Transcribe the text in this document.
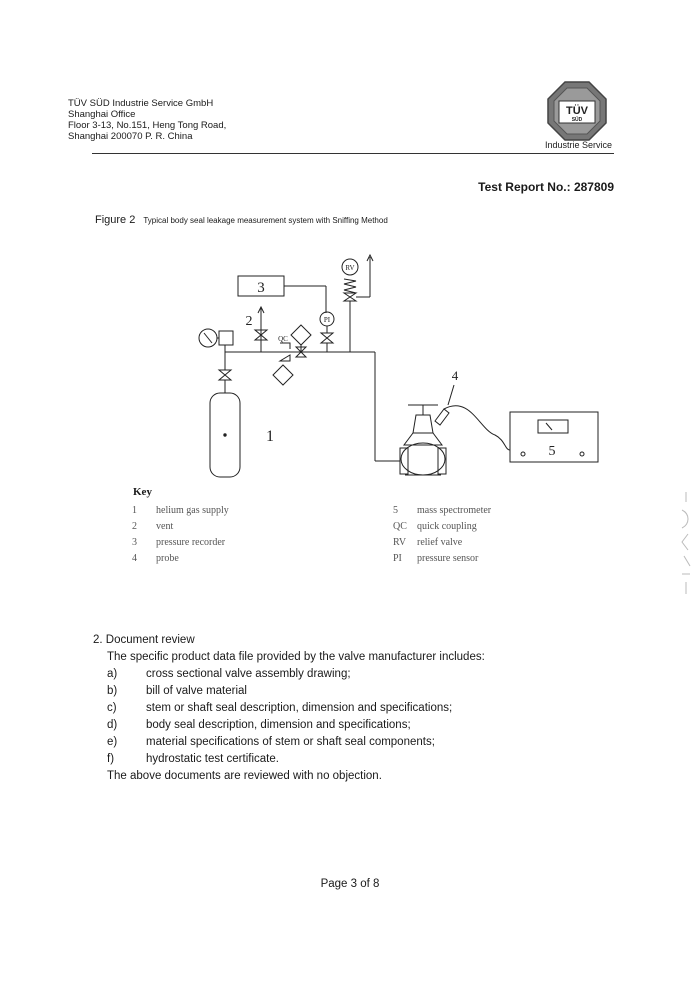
TÜV SÜD Industrie Service GmbH
Shanghai Office
Floor 3-13, No.151, Heng Tong Road,
Shanghai 200070 P. R. China
TÜV
SÜD
Industrie Service
Test Report No.: 287809
Figure 2 Typical body seal leakage measurement system with Sniffing Method
3
RV
PI
2
1
QC
4
5
Key
1 helium gas supply
2 vent
3 pressure recorder
4 probe
5 mass spectrometer
QC quick coupling
RV relief valve
PI pressure sensor
2. Document review
The specific product data file provided by the valve manufacturer includes:
a)	cross sectional valve assembly drawing;
b)	bill of valve material
c)	stem or shaft seal description, dimension and specifications;
d)	body seal description, dimension and specifications;
e)	material specifications of stem or shaft seal components;
f)	hydrostatic test certificate.
The above documents are reviewed with no objection.
Page 3 of 8
